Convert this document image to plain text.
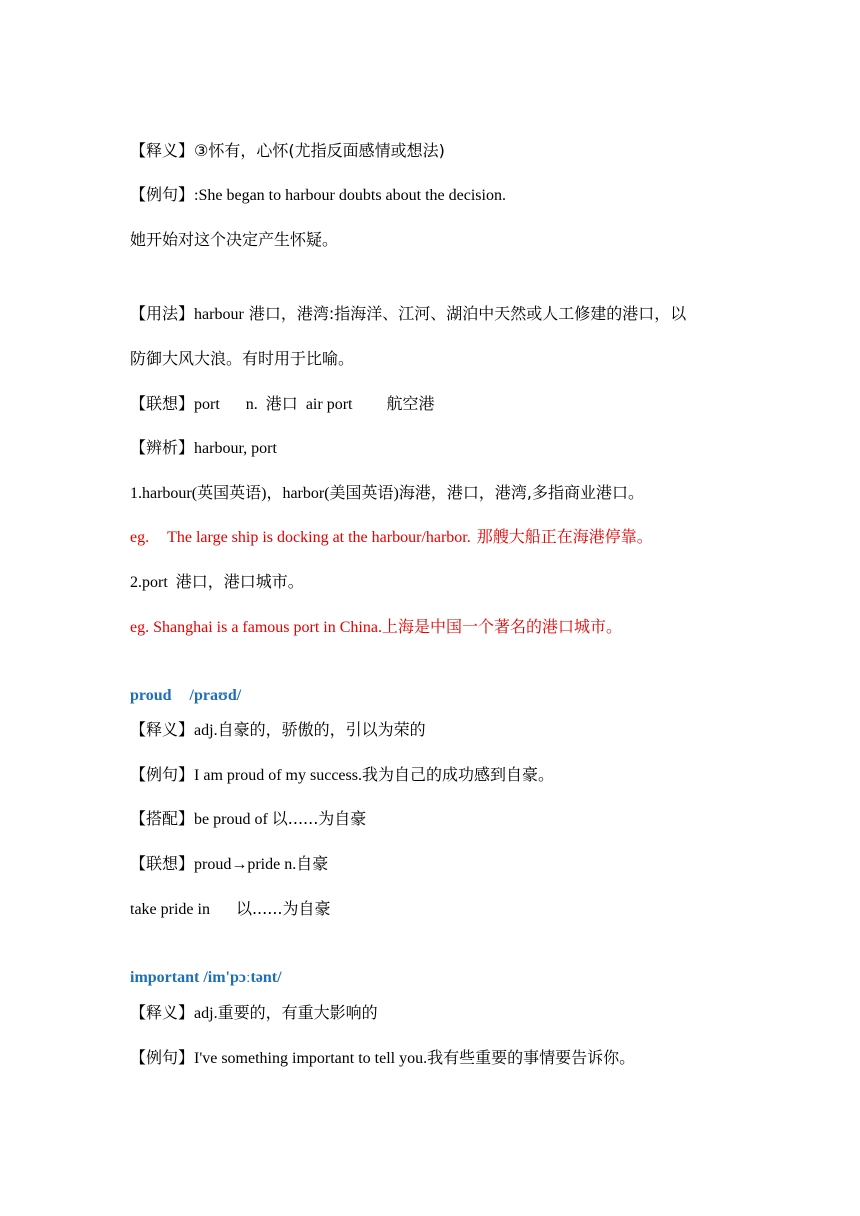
【释义】③怀有，心怀(尤指反面感情或想法)
【例句】:She began to harbour doubts about the decision.
她开始对这个决定产生怀疑。
【用法】harbour 港口，港湾:指海洋、江河、湖泊中天然或人工修建的港口，以
防御大风大浪。有时用于比喻。
【联想】port n. 港口 air port 航空港
【辨析】harbour, port
1.harbour(英国英语)，harbor(美国英语)海港，港口，港湾,多指商业港口。
eg. The large ship is docking at the harbour/harbor. 那艘大船正在海港停靠。
2.port 港口，港口城市。
eg. Shanghai is a famous port in China.上海是中国一个著名的港口城市。
proud /praʊd/
【释义】adj.自豪的，骄傲的，引以为荣的
【例句】I am proud of my success.我为自己的成功感到自豪。
【搭配】be proud of 以......为自豪
【联想】proud→pride n.自豪
take pride in 以......为自豪
important /im'pɔːtənt/
【释义】adj.重要的，有重大影响的
【例句】I've something important to tell you.我有些重要的事情要告诉你。
